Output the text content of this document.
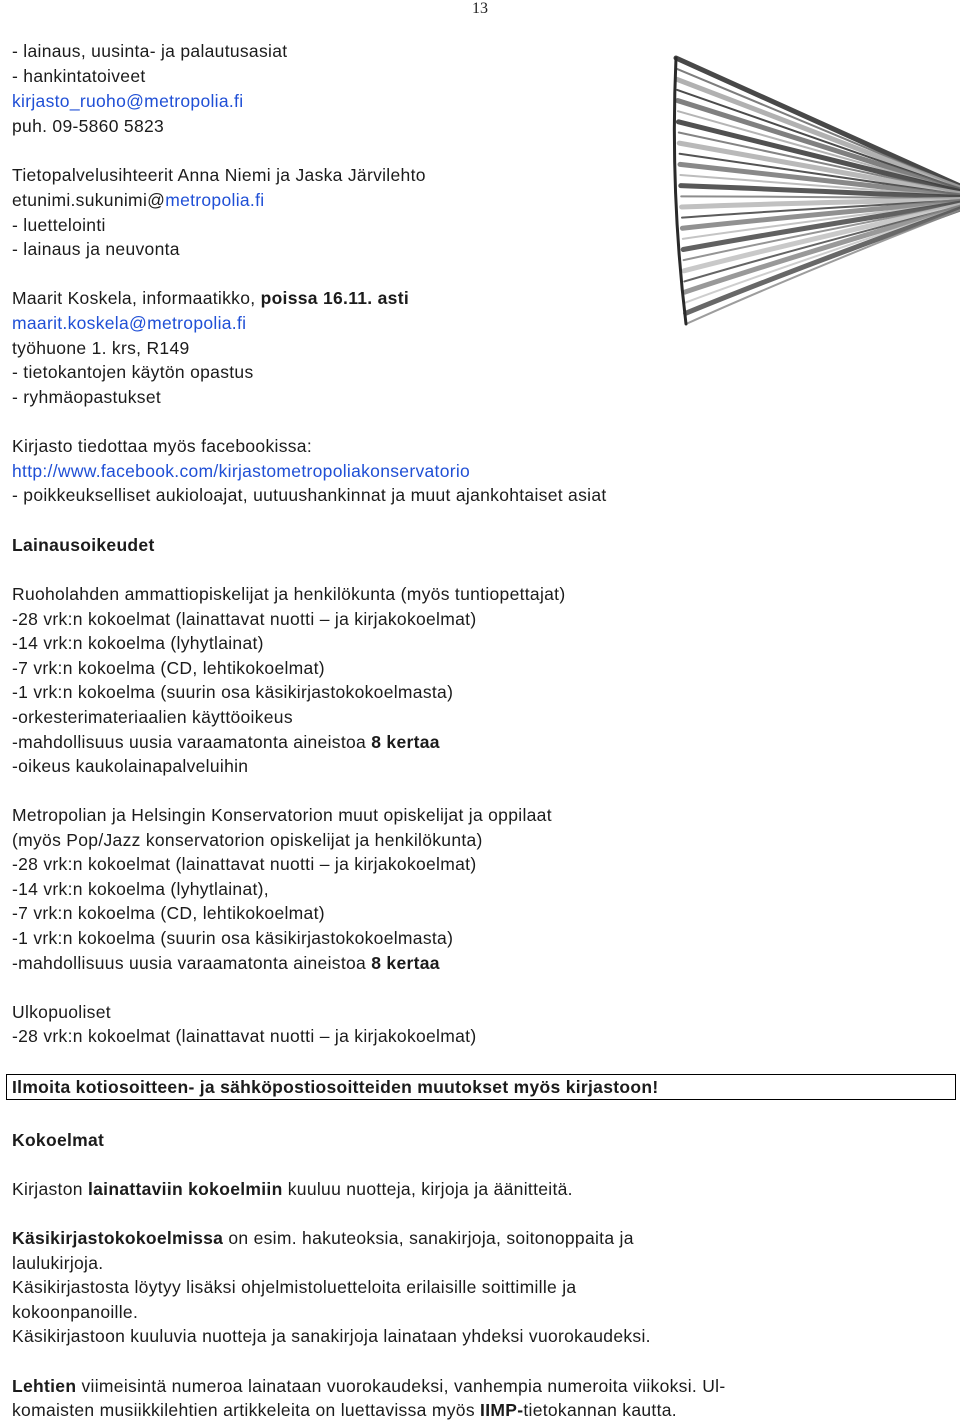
13
- lainaus, uusinta- ja palautusasiat
- hankintatoiveet
kirjasto_ruoho@metropolia.fi
puh. 09-5860 5823
Tietopalvelusihteerit Anna Niemi ja Jaska Järvilehto
etunimi.sukunimi@metropolia.fi
- luettelointi
- lainaus ja neuvonta
Maarit Koskela, informaatikko, poissa 16.11. asti
maarit.koskela@metropolia.fi
työhuone 1. krs, R149
- tietokantojen käytön opastus
- ryhmäopastukset
Kirjasto tiedottaa myös facebookissa:
http://www.facebook.com/kirjastometropoliakonservatorio
- poikkeukselliset aukioloajat, uutuushankinnat ja muut ajankohtaiset asiat
Lainausoikeudet
Ruoholahden ammattiopiskelijat ja henkilökunta (myös tuntiopettajat)
-28 vrk:n kokoelmat (lainattavat nuotti – ja kirjakokoelmat)
-14 vrk:n kokoelma (lyhytlainat)
-7 vrk:n kokoelma (CD, lehtikokoelmat)
-1 vrk:n kokoelma (suurin osa käsikirjastokokoelmasta)
-orkesterimateriaalien käyttöoikeus
-mahdollisuus uusia varaamatonta aineistoa 8 kertaa
-oikeus kaukolainapalveluihin
Metropolian ja Helsingin Konservatorion muut opiskelijat ja oppilaat
(myös Pop/Jazz konservatorion opiskelijat ja henkilökunta)
-28 vrk:n kokoelmat (lainattavat nuotti – ja kirjakokoelmat)
-14 vrk:n kokoelma (lyhytlainat),
-7 vrk:n kokoelma (CD, lehtikokoelmat)
-1 vrk:n kokoelma (suurin osa käsikirjastokokoelmasta)
-mahdollisuus uusia varaamatonta aineistoa 8 kertaa
Ulkopuoliset
-28 vrk:n kokoelmat (lainattavat nuotti – ja kirjakokoelmat)
Ilmoita kotiosoitteen- ja sähköpostiosoitteiden muutokset myös kirjastoon!
Kokoelmat
Kirjaston lainattaviin kokoelmiin kuuluu nuotteja, kirjoja ja äänitteitä.
Käsikirjastokokoelmissa on esim. hakuteoksia, sanakirjoja, soitonoppaita ja
laulukirjoja.
Käsikirjastosta löytyy lisäksi ohjelmistoluetteloita erilaisille soittimille ja
kokoonpanoille.
Käsikirjastoon kuuluvia nuotteja ja sanakirjoja lainataan yhdeksi vuorokaudeksi.
Lehtien viimeisintä numeroa lainataan vuorokaudeksi, vanhempia numeroita viikoksi. Ul-
komaisten musiikkilehtien artikkeleita on luettavissa myös IIMP-tietokannan kautta.
